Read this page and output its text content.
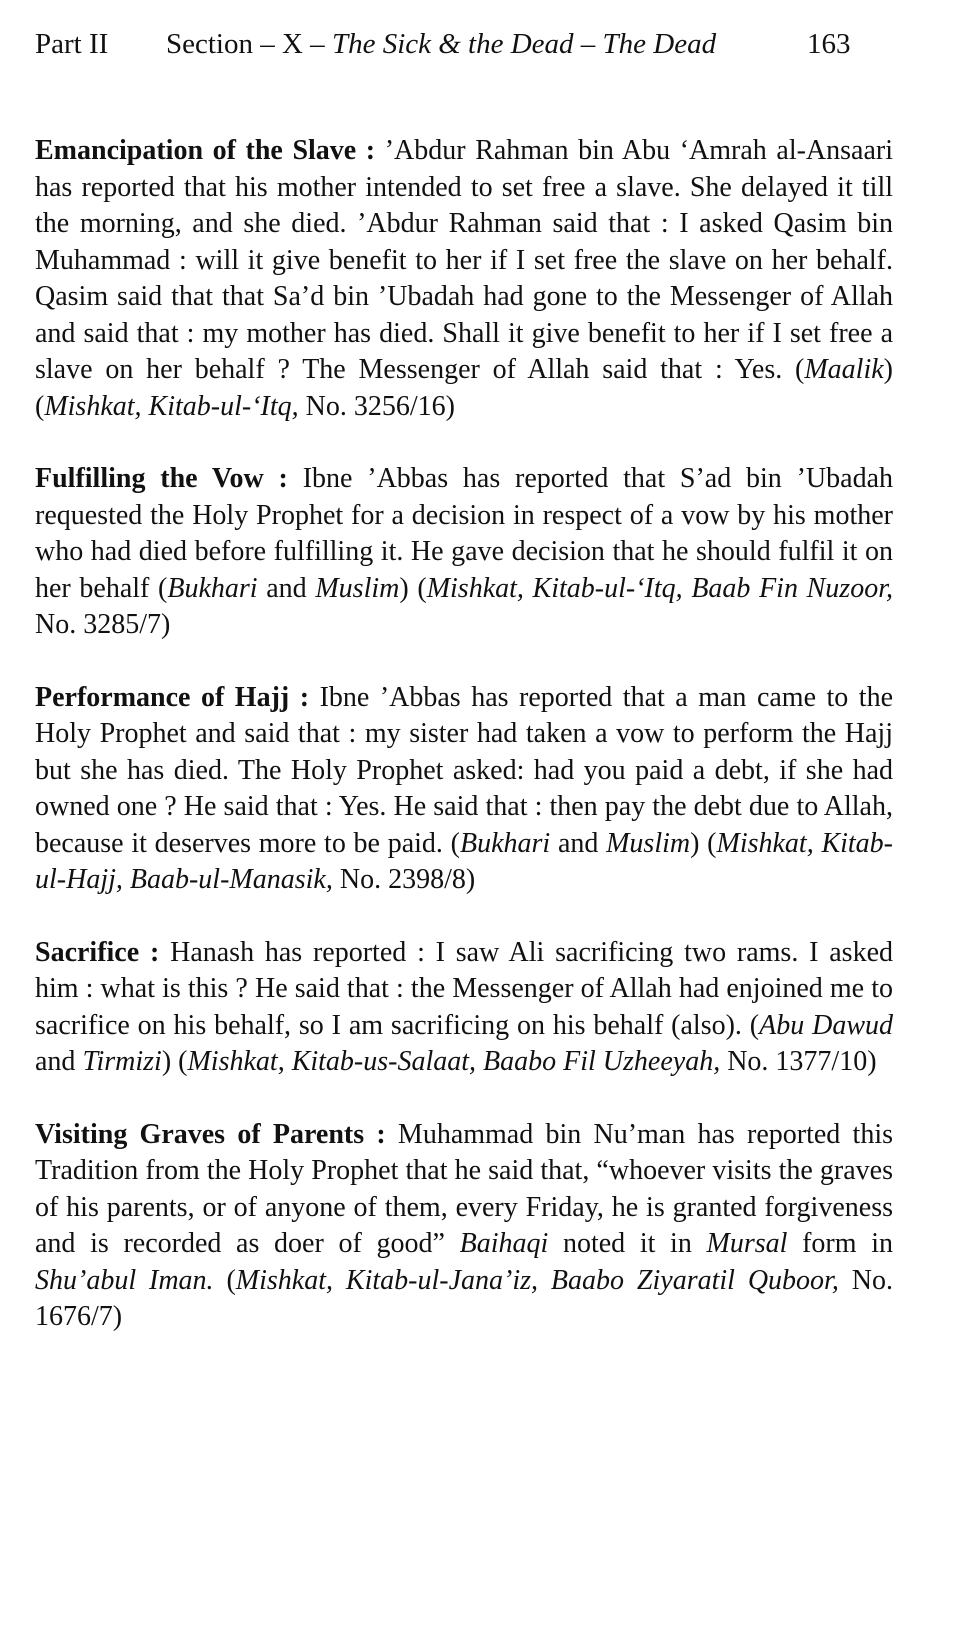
Part II Section – X – The Sick & the Dead – The Dead	163

Emancipation of the Slave : ’Abdur Rahman bin Abu ‘Amrah al-Ansaari has reported that his mother intended to set free a slave. She delayed it till the morning, and she died. ’Abdur Rahman said that : I asked Qasim bin Muhammad : will it give benefit to her if I set free the slave on her behalf. Qasim said that that Sa’d bin ’Ubadah had gone to the Messenger of Allah and said that : my mother has died. Shall it give benefit to her if I set free a slave on her behalf ? The Messenger of Allah said that : Yes. (Maalik) (Mishkat, Kitab-ul-‘Itq, No. 3256/16)

Fulfilling the Vow : Ibne ’Abbas has reported that S’ad bin ’Ubadah requested the Holy Prophet for a decision in respect of a vow by his mother who had died before fulfilling it. He gave decision that he should fulfil it on her behalf (Bukhari and Muslim) (Mishkat, Kitab-ul-‘Itq, Baab Fin Nuzoor, No. 3285/7)

Performance of Hajj : Ibne ’Abbas has reported that a man came to the Holy Prophet and said that : my sister had taken a vow to perform the Hajj but she has died. The Holy Prophet asked: had you paid a debt, if she had owned one ? He said that : Yes. He said that : then pay the debt due to Allah, because it deserves more to be paid. (Bukhari and Muslim) (Mishkat, Kitab-ul-Hajj, Baab-ul-Manasik, No. 2398/8)

Sacrifice : Hanash has reported : I saw Ali sacrificing two rams. I asked him : what is this ? He said that : the Messenger of Allah had enjoined me to sacrifice on his behalf, so I am sacrificing on his behalf (also). (Abu Dawud and Tirmizi) (Mishkat, Kitab-us-Salaat, Baabo Fil Uzheeyah, No. 1377/10)

Visiting Graves of Parents : Muhammad bin Nu’man has reported this Tradition from the Holy Prophet that he said that, “whoever visits the graves of his parents, or of anyone of them, every Friday, he is granted forgiveness and is recorded as doer of good” Baihaqi noted it in Mursal form in Shu’abul Iman. (Mishkat, Kitab-ul-Jana’iz, Baabo Ziyaratil Quboor, No. 1676/7)
